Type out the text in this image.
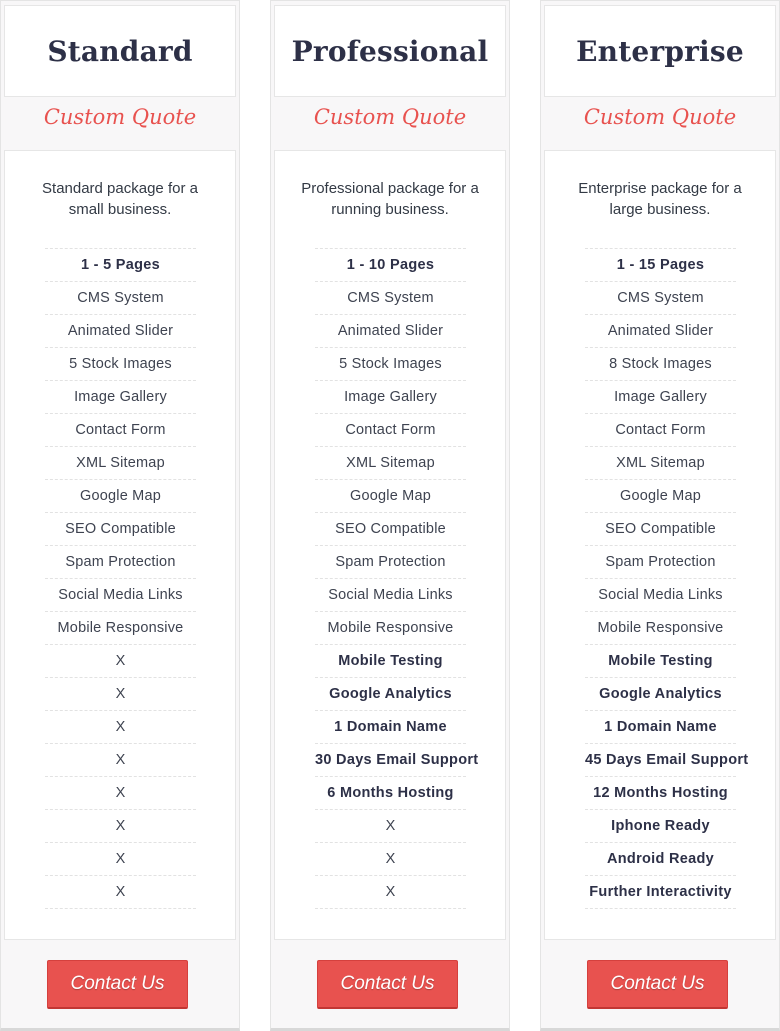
Standard
Custom Quote

Standard package for a small business.

1 - 5 Pages
CMS System
Animated Slider
5 Stock Images
Image Gallery
Contact Form
XML Sitemap
Google Map
SEO Compatible
Spam Protection
Social Media Links
Mobile Responsive
X
X
X
X
X
X
X
X
Contact Us
Professional
Custom Quote

Professional package for a running business.

1 - 10 Pages
CMS System
Animated Slider
5 Stock Images
Image Gallery
Contact Form
XML Sitemap
Google Map
SEO Compatible
Spam Protection
Social Media Links
Mobile Responsive
Mobile Testing
Google Analytics
1 Domain Name
30 Days Email Support
6 Months Hosting
X
X
X
Contact Us
Enterprise
Custom Quote

Enterprise package for a large business.

1 - 15 Pages
CMS System
Animated Slider
8 Stock Images
Image Gallery
Contact Form
XML Sitemap
Google Map
SEO Compatible
Spam Protection
Social Media Links
Mobile Responsive
Mobile Testing
Google Analytics
1 Domain Name
45 Days Email Support
12 Months Hosting
Iphone Ready
Android Ready
Further Interactivity
Contact Us
